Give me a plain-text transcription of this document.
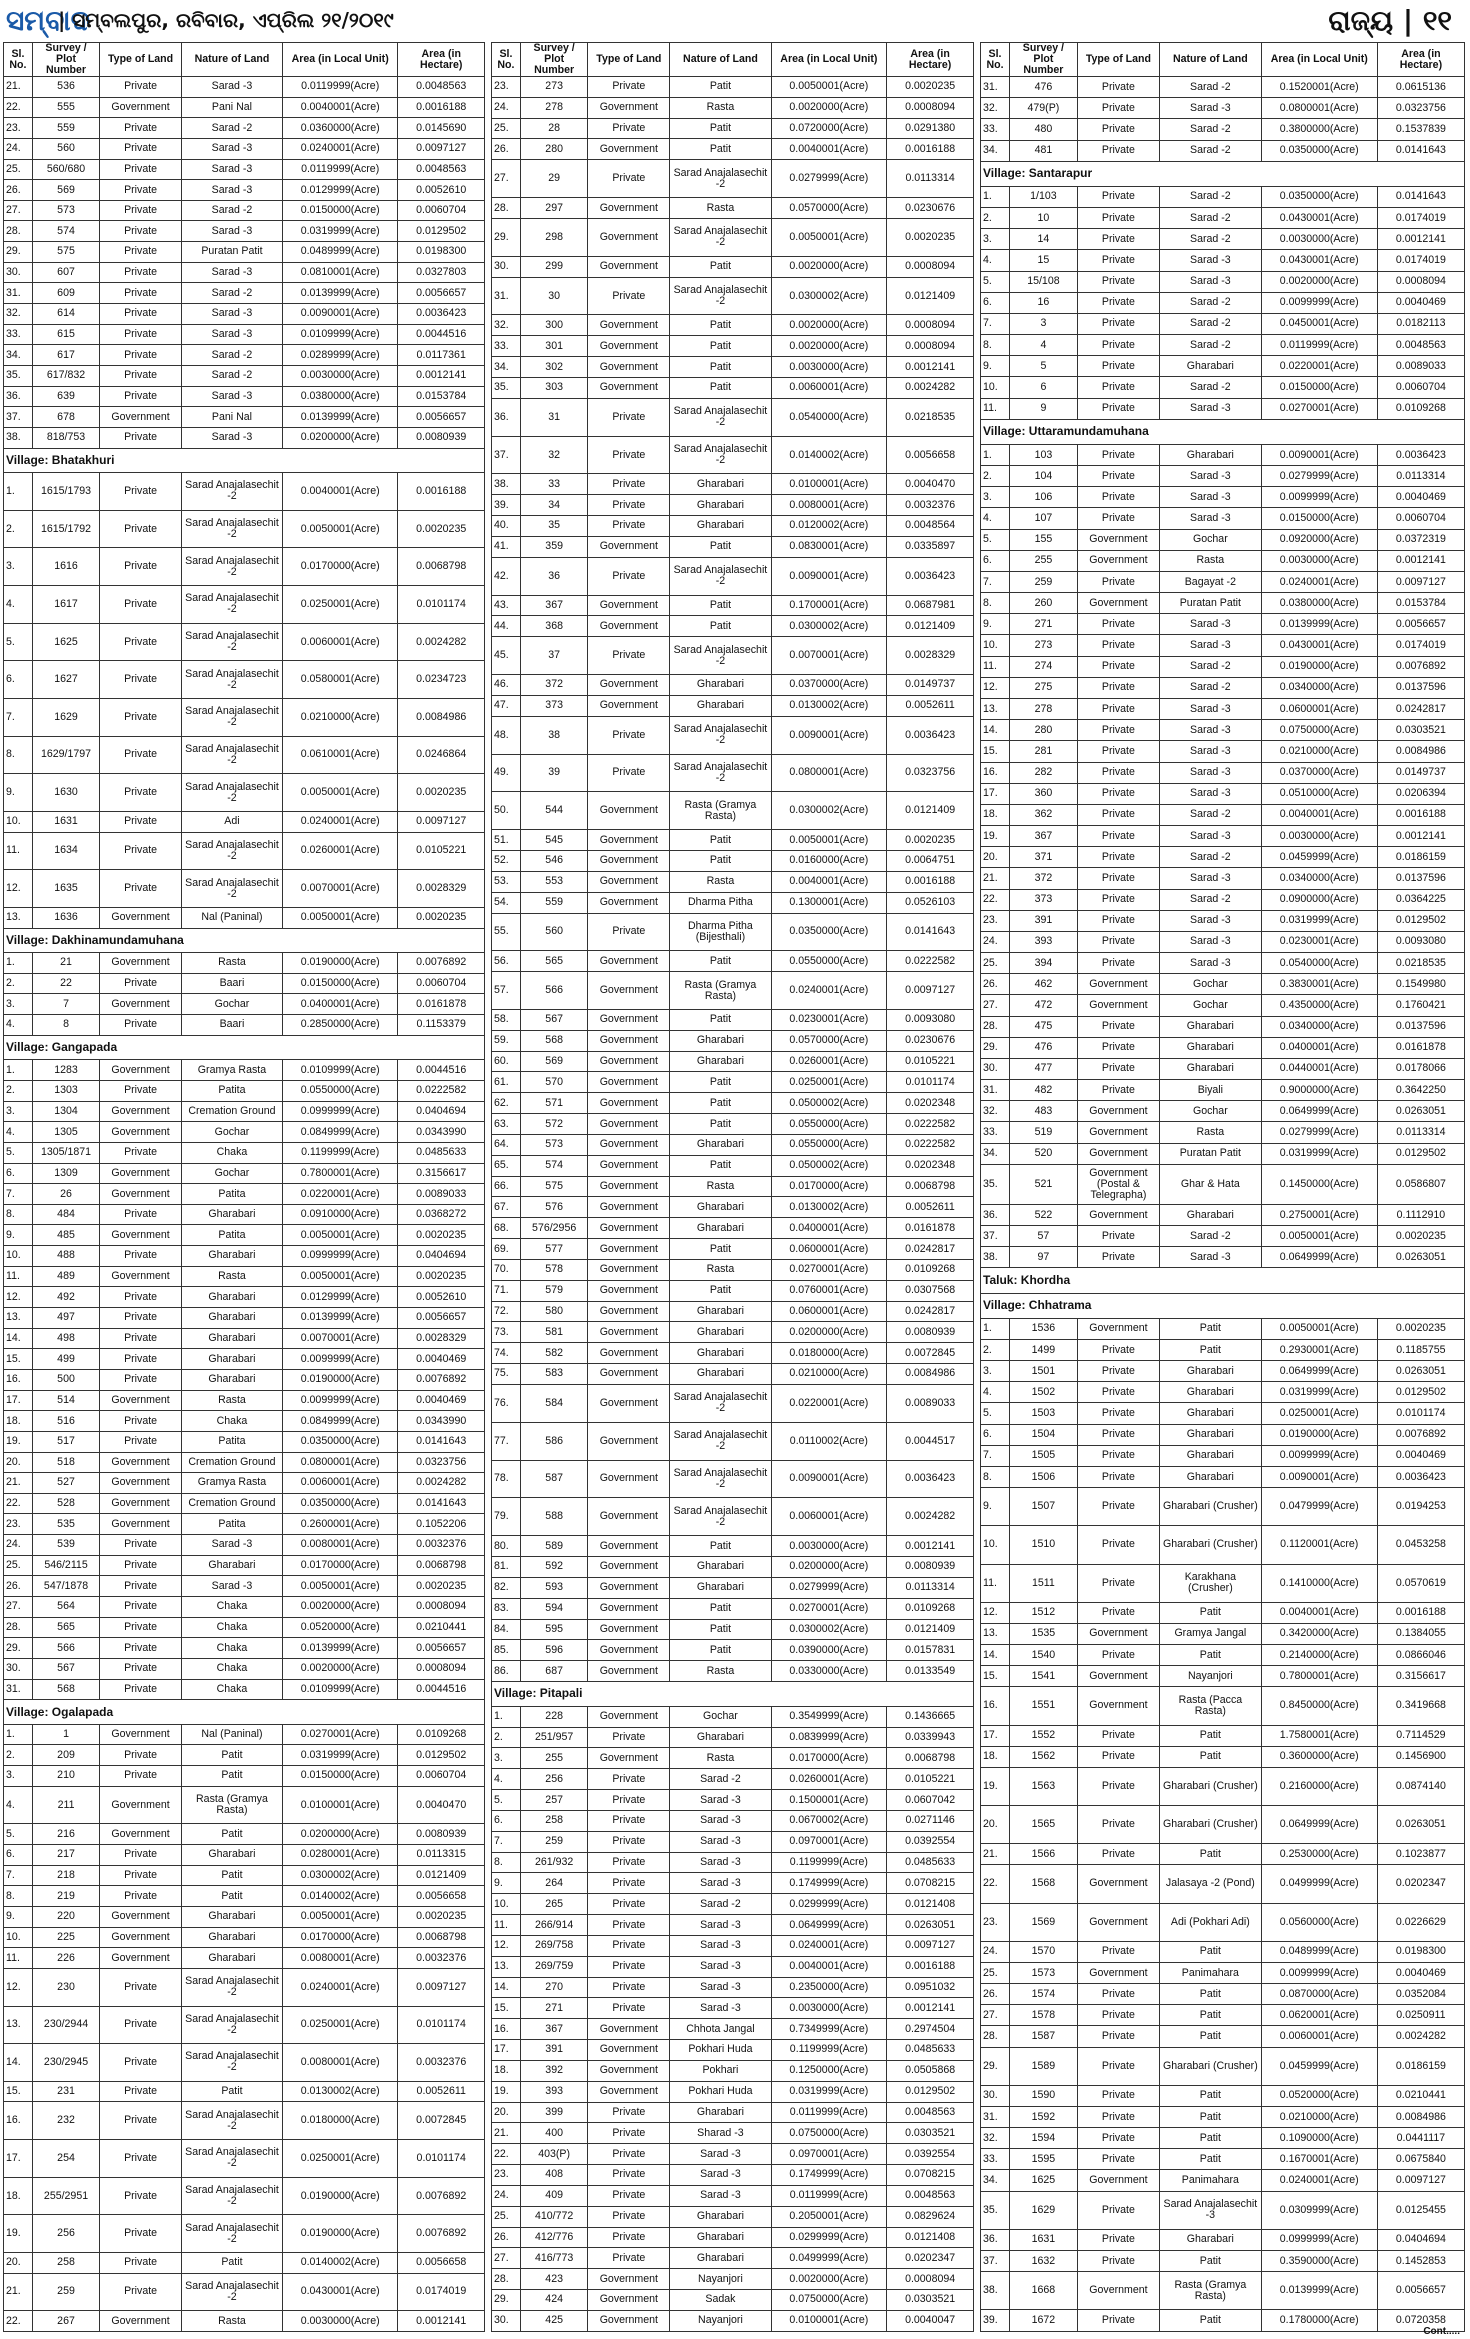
ସମ୍ବାଦ
| ସମ୍ବଲପୁର, ରବିବାର, ଏପ୍ରିଲ ୨୧/୨୦୧୯	ରାଜ୍ୟ | ୧୧
Sl. No.	Survey / Plot Number	Type of Land	Nature of Land	Area (in Local Unit)	Area (in Hectare)
21.	536	Private	Sarad -3	0.0119999(Acre)	0.0048563
22.	555	Government	Pani Nal	0.0040001(Acre)	0.0016188
23.	559	Private	Sarad -2	0.0360000(Acre)	0.0145690
24.	560	Private	Sarad -3	0.0240001(Acre)	0.0097127
25.	560/680	Private	Sarad -3	0.0119999(Acre)	0.0048563
26.	569	Private	Sarad -3	0.0129999(Acre)	0.0052610
27.	573	Private	Sarad -2	0.0150000(Acre)	0.0060704
28.	574	Private	Sarad -3	0.0319999(Acre)	0.0129502
29.	575	Private	Puratan Patit	0.0489999(Acre)	0.0198300
30.	607	Private	Sarad -3	0.0810001(Acre)	0.0327803
31.	609	Private	Sarad -2	0.0139999(Acre)	0.0056657
32.	614	Private	Sarad -3	0.0090001(Acre)	0.0036423
33.	615	Private	Sarad -3	0.0109999(Acre)	0.0044516
34.	617	Private	Sarad -2	0.0289999(Acre)	0.0117361
35.	617/832	Private	Sarad -2	0.0030000(Acre)	0.0012141
36.	639	Private	Sarad -3	0.0380000(Acre)	0.0153784
37.	678	Government	Pani Nal	0.0139999(Acre)	0.0056657
38.	818/753	Private	Sarad -3	0.0200000(Acre)	0.0080939
Village: Bhatakhuri					
1.	1615/1793	Private	Sarad Anajalasechit -2	0.0040001(Acre)	0.0016188
2.	1615/1792	Private	Sarad Anajalasechit -2	0.0050001(Acre)	0.0020235
3.	1616	Private	Sarad Anajalasechit -2	0.0170000(Acre)	0.0068798
4.	1617	Private	Sarad Anajalasechit -2	0.0250001(Acre)	0.0101174
5.	1625	Private	Sarad Anajalasechit -2	0.0060001(Acre)	0.0024282
6.	1627	Private	Sarad Anajalasechit -2	0.0580001(Acre)	0.0234723
7.	1629	Private	Sarad Anajalasechit -2	0.0210000(Acre)	0.0084986
8.	1629/1797	Private	Sarad Anajalasechit -2	0.0610001(Acre)	0.0246864
9.	1630	Private	Sarad Anajalasechit -2	0.0050001(Acre)	0.0020235
10.	1631	Private	Adi	0.0240001(Acre)	0.0097127
11.	1634	Private	Sarad Anajalasechit -2	0.0260001(Acre)	0.0105221
12.	1635	Private	Sarad Anajalasechit -2	0.0070001(Acre)	0.0028329
13.	1636	Government	Nal (Paninal)	0.0050001(Acre)	0.0020235
Village: Dakhinamundamuhana					
1.	21	Government	Rasta	0.0190000(Acre)	0.0076892
2.	22	Private	Baari	0.0150000(Acre)	0.0060704
3.	7	Government	Gochar	0.0400001(Acre)	0.0161878
4.	8	Private	Baari	0.2850000(Acre)	0.1153379
Village: Gangapada					
1.	1283	Government	Gramya Rasta	0.0109999(Acre)	0.0044516
2.	1303	Private	Patita	0.0550000(Acre)	0.0222582
3.	1304	Government	Cremation Ground	0.0999999(Acre)	0.0404694
4.	1305	Government	Gochar	0.0849999(Acre)	0.0343990
5.	1305/1871	Private	Chaka	0.1199999(Acre)	0.0485633
6.	1309	Government	Gochar	0.7800001(Acre)	0.3156617
7.	26	Government	Patita	0.0220001(Acre)	0.0089033
8.	484	Private	Gharabari	0.0910000(Acre)	0.0368272
9.	485	Government	Patita	0.0050001(Acre)	0.0020235
10.	488	Private	Gharabari	0.0999999(Acre)	0.0404694
11.	489	Government	Rasta	0.0050001(Acre)	0.0020235
12.	492	Private	Gharabari	0.0129999(Acre)	0.0052610
13.	497	Private	Gharabari	0.0139999(Acre)	0.0056657
14.	498	Private	Gharabari	0.0070001(Acre)	0.0028329
15.	499	Private	Gharabari	0.0099999(Acre)	0.0040469
16.	500	Private	Gharabari	0.0190000(Acre)	0.0076892
17.	514	Government	Rasta	0.0099999(Acre)	0.0040469
18.	516	Private	Chaka	0.0849999(Acre)	0.0343990
19.	517	Private	Patita	0.0350000(Acre)	0.0141643
20.	518	Government	Cremation Ground	0.0800001(Acre)	0.0323756
21.	527	Government	Gramya Rasta	0.0060001(Acre)	0.0024282
22.	528	Government	Cremation Ground	0.0350000(Acre)	0.0141643
23.	535	Government	Patita	0.2600001(Acre)	0.1052206
24.	539	Private	Sarad -3	0.0080001(Acre)	0.0032376
25.	546/2115	Private	Gharabari	0.0170000(Acre)	0.0068798
26.	547/1878	Private	Sarad -3	0.0050001(Acre)	0.0020235
27.	564	Private	Chaka	0.0020000(Acre)	0.0008094
28.	565	Private	Chaka	0.0520000(Acre)	0.0210441
29.	566	Private	Chaka	0.0139999(Acre)	0.0056657
30.	567	Private	Chaka	0.0020000(Acre)	0.0008094
31.	568	Private	Chaka	0.0109999(Acre)	0.0044516
Village: Ogalapada					
1.	1	Government	Nal (Paninal)	0.0270001(Acre)	0.0109268
2.	209	Private	Patit	0.0319999(Acre)	0.0129502
3.	210	Private	Patit	0.0150000(Acre)	0.0060704
4.	211	Government	Rasta (Gramya Rasta)	0.0100001(Acre)	0.0040470
5.	216	Government	Patit	0.0200000(Acre)	0.0080939
6.	217	Private	Gharabari	0.0280001(Acre)	0.0113315
7.	218	Private	Patit	0.0300002(Acre)	0.0121409
8.	219	Private	Patit	0.0140002(Acre)	0.0056658
9.	220	Government	Gharabari	0.0050001(Acre)	0.0020235
10.	225	Government	Gharabari	0.0170000(Acre)	0.0068798
11.	226	Government	Gharabari	0.0080001(Acre)	0.0032376
12.	230	Private	Sarad Anajalasechit -2	0.0240001(Acre)	0.0097127
13.	230/2944	Private	Sarad Anajalasechit -2	0.0250001(Acre)	0.0101174
14.	230/2945	Private	Sarad Anajalasechit -2	0.0080001(Acre)	0.0032376
15.	231	Private	Patit	0.0130002(Acre)	0.0052611
16.	232	Private	Sarad Anajalasechit -2	0.0180000(Acre)	0.0072845
17.	254	Private	Sarad Anajalasechit -2	0.0250001(Acre)	0.0101174
18.	255/2951	Private	Sarad Anajalasechit -2	0.0190000(Acre)	0.0076892
19.	256	Private	Sarad Anajalasechit -2	0.0190000(Acre)	0.0076892
20.	258	Private	Patit	0.0140002(Acre)	0.0056658
21.	259	Private	Sarad Anajalasechit -2	0.0430001(Acre)	0.0174019
22.	267	Government	Rasta	0.0030000(Acre)	0.0012141
Sl. No.	Survey / Plot Number	Type of Land	Nature of Land	Area (in Local Unit)	Area (in Hectare)
23.	273	Private	Patit	0.0050001(Acre)	0.0020235
24.	278	Government	Rasta	0.0020000(Acre)	0.0008094
25.	28	Private	Patit	0.0720000(Acre)	0.0291380
26.	280	Government	Patit	0.0040001(Acre)	0.0016188
27.	29	Private	Sarad Anajalasechit -2	0.0279999(Acre)	0.0113314
28.	297	Government	Rasta	0.0570000(Acre)	0.0230676
29.	298	Government	Sarad Anajalasechit -2	0.0050001(Acre)	0.0020235
30.	299	Government	Patit	0.0020000(Acre)	0.0008094
31.	30	Private	Sarad Anajalasechit -2	0.0300002(Acre)	0.0121409
32.	300	Government	Patit	0.0020000(Acre)	0.0008094
33.	301	Government	Patit	0.0020000(Acre)	0.0008094
34.	302	Government	Patit	0.0030000(Acre)	0.0012141
35.	303	Government	Patit	0.0060001(Acre)	0.0024282
36.	31	Private	Sarad Anajalasechit -2	0.0540000(Acre)	0.0218535
37.	32	Private	Sarad Anajalasechit -2	0.0140002(Acre)	0.0056658
38.	33	Private	Gharabari	0.0100001(Acre)	0.0040470
39.	34	Private	Gharabari	0.0080001(Acre)	0.0032376
40.	35	Private	Gharabari	0.0120002(Acre)	0.0048564
41.	359	Government	Patit	0.0830001(Acre)	0.0335897
42.	36	Private	Sarad Anajalasechit -2	0.0090001(Acre)	0.0036423
43.	367	Government	Patit	0.1700001(Acre)	0.0687981
44.	368	Government	Patit	0.0300002(Acre)	0.0121409
45.	37	Private	Sarad Anajalasechit -2	0.0070001(Acre)	0.0028329
46.	372	Government	Gharabari	0.0370000(Acre)	0.0149737
47.	373	Government	Gharabari	0.0130002(Acre)	0.0052611
48.	38	Private	Sarad Anajalasechit -2	0.0090001(Acre)	0.0036423
49.	39	Private	Sarad Anajalasechit -2	0.0800001(Acre)	0.0323756
50.	544	Government	Rasta (Gramya Rasta)	0.0300002(Acre)	0.0121409
51.	545	Government	Patit	0.0050001(Acre)	0.0020235
52.	546	Government	Patit	0.0160000(Acre)	0.0064751
53.	553	Government	Rasta	0.0040001(Acre)	0.0016188
54.	559	Government	Dharma Pitha	0.1300001(Acre)	0.0526103
55.	560	Private	Dharma Pitha (Bijesthali)	0.0350000(Acre)	0.0141643
56.	565	Government	Patit	0.0550000(Acre)	0.0222582
57.	566	Government	Rasta (Gramya Rasta)	0.0240001(Acre)	0.0097127
58.	567	Government	Patit	0.0230001(Acre)	0.0093080
59.	568	Government	Gharabari	0.0570000(Acre)	0.0230676
60.	569	Government	Gharabari	0.0260001(Acre)	0.0105221
61.	570	Government	Patit	0.0250001(Acre)	0.0101174
62.	571	Government	Patit	0.0500002(Acre)	0.0202348
63.	572	Government	Patit	0.0550000(Acre)	0.0222582
64.	573	Government	Gharabari	0.0550000(Acre)	0.0222582
65.	574	Government	Patit	0.0500002(Acre)	0.0202348
66.	575	Government	Rasta	0.0170000(Acre)	0.0068798
67.	576	Government	Gharabari	0.0130002(Acre)	0.0052611
68.	576/2956	Government	Gharabari	0.0400001(Acre)	0.0161878
69.	577	Government	Patit	0.0600001(Acre)	0.0242817
70.	578	Government	Rasta	0.0270001(Acre)	0.0109268
71.	579	Government	Patit	0.0760001(Acre)	0.0307568
72.	580	Government	Gharabari	0.0600001(Acre)	0.0242817
73.	581	Government	Gharabari	0.0200000(Acre)	0.0080939
74.	582	Government	Gharabari	0.0180000(Acre)	0.0072845
75.	583	Government	Gharabari	0.0210000(Acre)	0.0084986
76.	584	Government	Sarad Anajalasechit -2	0.0220001(Acre)	0.0089033
77.	586	Government	Sarad Anajalasechit -2	0.0110002(Acre)	0.0044517
78.	587	Government	Sarad Anajalasechit -2	0.0090001(Acre)	0.0036423
79.	588	Government	Sarad Anajalasechit -2	0.0060001(Acre)	0.0024282
80.	589	Government	Patit	0.0030000(Acre)	0.0012141
81.	592	Government	Gharabari	0.0200000(Acre)	0.0080939
82.	593	Government	Gharabari	0.0279999(Acre)	0.0113314
83.	594	Government	Patit	0.0270001(Acre)	0.0109268
84.	595	Government	Patit	0.0300002(Acre)	0.0121409
85.	596	Government	Patit	0.0390000(Acre)	0.0157831
86.	687	Government	Rasta	0.0330000(Acre)	0.0133549
Village: Pitapali					
1.	228	Government	Gochar	0.3549999(Acre)	0.1436665
2.	251/957	Private	Gharabari	0.0839999(Acre)	0.0339943
3.	255	Government	Rasta	0.0170000(Acre)	0.0068798
4.	256	Private	Sarad -2	0.0260001(Acre)	0.0105221
5.	257	Private	Sarad -3	0.1500001(Acre)	0.0607042
6.	258	Private	Sarad -3	0.0670002(Acre)	0.0271146
7.	259	Private	Sarad -3	0.0970001(Acre)	0.0392554
8.	261/932	Private	Sarad -3	0.1199999(Acre)	0.0485633
9.	264	Private	Sarad -3	0.1749999(Acre)	0.0708215
10.	265	Private	Sarad -2	0.0299999(Acre)	0.0121408
11.	266/914	Private	Sarad -3	0.0649999(Acre)	0.0263051
12.	269/758	Private	Sarad -3	0.0240001(Acre)	0.0097127
13.	269/759	Private	Sarad -3	0.0040001(Acre)	0.0016188
14.	270	Private	Sarad -3	0.2350000(Acre)	0.0951032
15.	271	Private	Sarad -3	0.0030000(Acre)	0.0012141
16.	367	Government	Chhota Jangal	0.7349999(Acre)	0.2974504
17.	391	Government	Pokhari Huda	0.1199999(Acre)	0.0485633
18.	392	Government	Pokhari	0.1250000(Acre)	0.0505868
19.	393	Government	Pokhari Huda	0.0319999(Acre)	0.0129502
20.	399	Private	Gharabari	0.0119999(Acre)	0.0048563
21.	400	Private	Sharad -3	0.0750000(Acre)	0.0303521
22.	403(P)	Private	Sarad -3	0.0970001(Acre)	0.0392554
23.	408	Private	Sarad -3	0.1749999(Acre)	0.0708215
24.	409	Private	Sarad -3	0.0119999(Acre)	0.0048563
25.	410/772	Private	Gharabari	0.2050001(Acre)	0.0829624
26.	412/776	Private	Gharabari	0.0299999(Acre)	0.0121408
27.	416/773	Private	Gharabari	0.0499999(Acre)	0.0202347
28.	423	Government	Nayanjori	0.0020000(Acre)	0.0008094
29.	424	Government	Sadak	0.0750000(Acre)	0.0303521
30.	425	Government	Nayanjori	0.0100001(Acre)	0.0040047
Sl. No.	Survey / Plot Number	Type of Land	Nature of Land	Area (in Local Unit)	Area (in Hectare)
31.	476	Private	Sarad -2	0.1520001(Acre)	0.0615136
32.	479(P)	Private	Sarad -3	0.0800001(Acre)	0.0323756
33.	480	Private	Sarad -2	0.3800000(Acre)	0.1537839
34.	481	Private	Sarad -2	0.0350000(Acre)	0.0141643
Village: Santarapur					
1.	1/103	Private	Sarad -2	0.0350000(Acre)	0.0141643
2.	10	Private	Sarad -2	0.0430001(Acre)	0.0174019
3.	14	Private	Sarad -2	0.0030000(Acre)	0.0012141
4.	15	Private	Sarad -3	0.0430001(Acre)	0.0174019
5.	15/108	Private	Sarad -3	0.0020000(Acre)	0.0008094
6.	16	Private	Sarad -2	0.0099999(Acre)	0.0040469
7.	3	Private	Sarad -2	0.0450001(Acre)	0.0182113
8.	4	Private	Sarad -2	0.0119999(Acre)	0.0048563
9.	5	Private	Gharabari	0.0220001(Acre)	0.0089033
10.	6	Private	Sarad -2	0.0150000(Acre)	0.0060704
11.	9	Private	Sarad -3	0.0270001(Acre)	0.0109268
Village: Uttaramundamuhana					
1.	103	Private	Gharabari	0.0090001(Acre)	0.0036423
2.	104	Private	Sarad -3	0.0279999(Acre)	0.0113314
3.	106	Private	Sarad -3	0.0099999(Acre)	0.0040469
4.	107	Private	Sarad -3	0.0150000(Acre)	0.0060704
5.	155	Government	Gochar	0.0920000(Acre)	0.0372319
6.	255	Government	Rasta	0.0030000(Acre)	0.0012141
7.	259	Private	Bagayat -2	0.0240001(Acre)	0.0097127
8.	260	Government	Puratan Patit	0.0380000(Acre)	0.0153784
9.	271	Private	Sarad -3	0.0139999(Acre)	0.0056657
10.	273	Private	Sarad -3	0.0430001(Acre)	0.0174019
11.	274	Private	Sarad -2	0.0190000(Acre)	0.0076892
12.	275	Private	Sarad -2	0.0340000(Acre)	0.0137596
13.	278	Private	Sarad -3	0.0600001(Acre)	0.0242817
14.	280	Private	Sarad -3	0.0750000(Acre)	0.0303521
15.	281	Private	Sarad -3	0.0210000(Acre)	0.0084986
16.	282	Private	Sarad -3	0.0370000(Acre)	0.0149737
17.	360	Private	Sarad -3	0.0510000(Acre)	0.0206394
18.	362	Private	Sarad -2	0.0040001(Acre)	0.0016188
19.	367	Private	Sarad -3	0.0030000(Acre)	0.0012141
20.	371	Private	Sarad -2	0.0459999(Acre)	0.0186159
21.	372	Private	Sarad -3	0.0340000(Acre)	0.0137596
22.	373	Private	Sarad -2	0.0900000(Acre)	0.0364225
23.	391	Private	Sarad -3	0.0319999(Acre)	0.0129502
24.	393	Private	Sarad -3	0.0230001(Acre)	0.0093080
25.	394	Private	Sarad -3	0.0540000(Acre)	0.0218535
26.	462	Government	Gochar	0.3830001(Acre)	0.1549980
27.	472	Government	Gochar	0.4350000(Acre)	0.1760421
28.	475	Private	Gharabari	0.0340000(Acre)	0.0137596
29.	476	Private	Gharabari	0.0400001(Acre)	0.0161878
30.	477	Private	Gharabari	0.0440001(Acre)	0.0178066
31.	482	Private	Biyali	0.9000000(Acre)	0.3642250
32.	483	Government	Gochar	0.0649999(Acre)	0.0263051
33.	519	Government	Rasta	0.0279999(Acre)	0.0113314
34.	520	Government	Puratan Patit	0.0319999(Acre)	0.0129502
35.	521	Government (Postal & Telegrapha)	Ghar & Hata	0.1450000(Acre)	0.0586807
36.	522	Government	Gharabari	0.2750001(Acre)	0.1112910
37.	57	Private	Sarad -2	0.0050001(Acre)	0.0020235
38.	97	Private	Sarad -3	0.0649999(Acre)	0.0263051
Taluk: Khordha					
Village: Chhatrama					
1.	1536	Government	Patit	0.0050001(Acre)	0.0020235
2.	1499	Private	Patit	0.2930001(Acre)	0.1185755
3.	1501	Private	Gharabari	0.0649999(Acre)	0.0263051
4.	1502	Private	Gharabari	0.0319999(Acre)	0.0129502
5.	1503	Private	Gharabari	0.0250001(Acre)	0.0101174
6.	1504	Private	Gharabari	0.0190000(Acre)	0.0076892
7.	1505	Private	Gharabari	0.0099999(Acre)	0.0040469
8.	1506	Private	Gharabari	0.0090001(Acre)	0.0036423
9.	1507	Private	Gharabari (Crusher)	0.0479999(Acre)	0.0194253
10.	1510	Private	Gharabari (Crusher)	0.1120001(Acre)	0.0453258
11.	1511	Private	Karakhana (Crusher)	0.1410000(Acre)	0.0570619
12.	1512	Private	Patit	0.0040001(Acre)	0.0016188
13.	1535	Government	Gramya Jangal	0.3420000(Acre)	0.1384055
14.	1540	Private	Patit	0.2140000(Acre)	0.0866046
15.	1541	Government	Nayanjori	0.7800001(Acre)	0.3156617
16.	1551	Government	Rasta (Pacca Rasta)	0.8450000(Acre)	0.3419668
17.	1552	Private	Patit	1.7580001(Acre)	0.7114529
18.	1562	Private	Patit	0.3600000(Acre)	0.1456900
19.	1563	Private	Gharabari (Crusher)	0.2160000(Acre)	0.0874140
20.	1565	Private	Gharabari (Crusher)	0.0649999(Acre)	0.0263051
21.	1566	Private	Patit	0.2530000(Acre)	0.1023877
22.	1568	Government	Jalasaya -2 (Pond)	0.0499999(Acre)	0.0202347
23.	1569	Government	Adi (Pokhari Adi)	0.0560000(Acre)	0.0226629
24.	1570	Private	Patit	0.0489999(Acre)	0.0198300
25.	1573	Government	Panimahara	0.0099999(Acre)	0.0040469
26.	1574	Private	Patit	0.0870000(Acre)	0.0352084
27.	1578	Private	Patit	0.0620001(Acre)	0.0250911
28.	1587	Private	Patit	0.0060001(Acre)	0.0024282
29.	1589	Private	Gharabari (Crusher)	0.0459999(Acre)	0.0186159
30.	1590	Private	Patit	0.0520000(Acre)	0.0210441
31.	1592	Private	Patit	0.0210000(Acre)	0.0084986
32.	1594	Private	Patit	0.1090000(Acre)	0.0441117
33.	1595	Private	Patit	0.1670001(Acre)	0.0675840
34.	1625	Government	Panimahara	0.0240001(Acre)	0.0097127
35.	1629	Private	Sarad Anajalasechit -3	0.0309999(Acre)	0.0125455
36.	1631	Private	Gharabari	0.0999999(Acre)	0.0404694
37.	1632	Private	Patit	0.3590000(Acre)	0.1452853
38.	1668	Government	Rasta (Gramya Rasta)	0.0139999(Acre)	0.0056657
39.	1672	Private	Patit	0.1780000(Acre)	0.0720358
Cont.....
